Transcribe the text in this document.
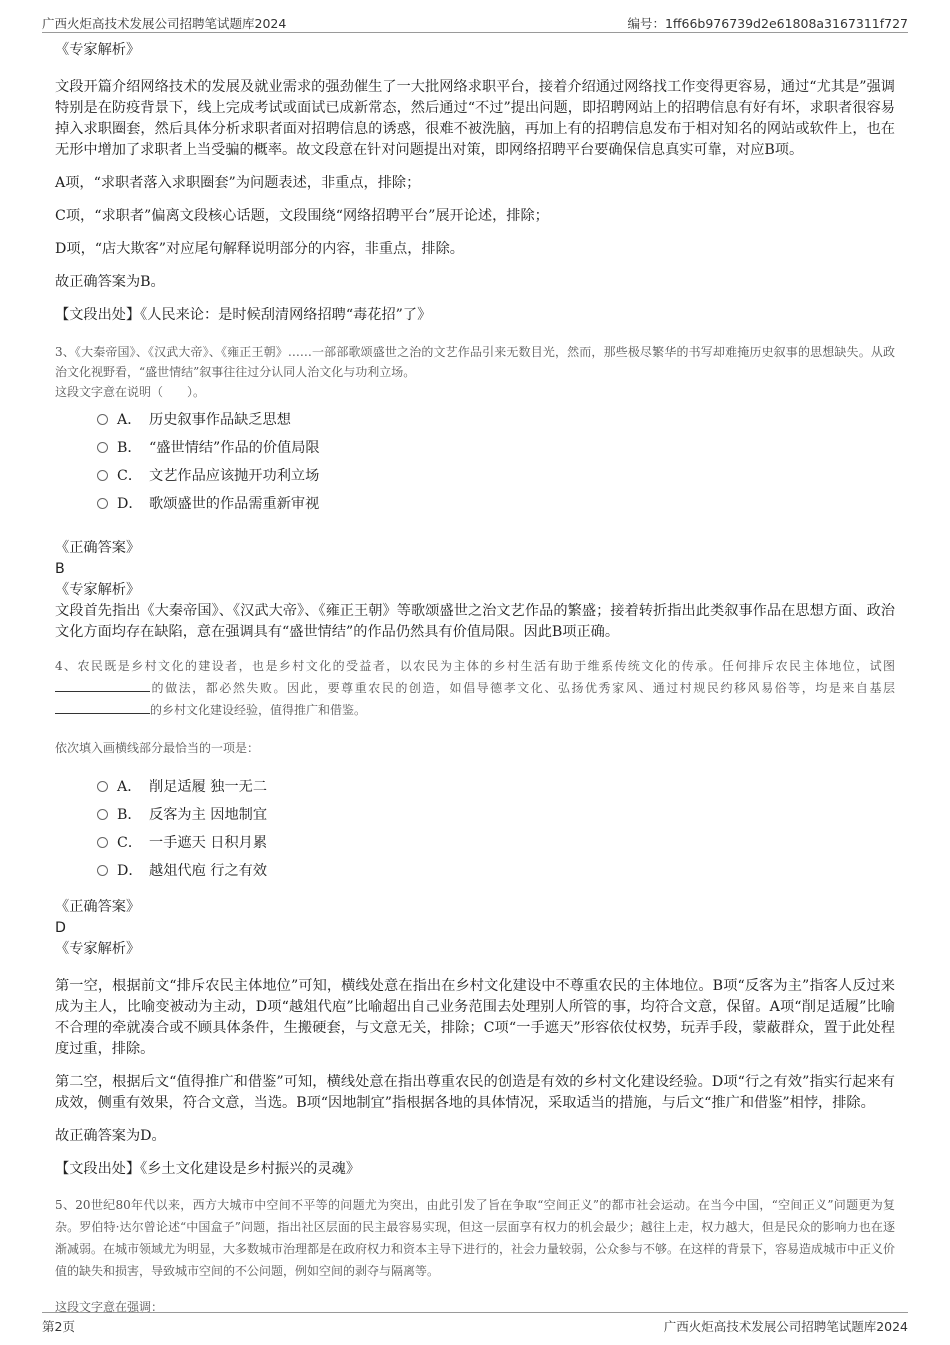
广西火炬高技术发展公司招聘笔试题库2024	编号：1ff66b976739d2e61808a3167311f727

《专家解析》

文段开篇介绍网络技术的发展及就业需求的强劲催生了一大批网络求职平台，接着介绍通过网络找工作变得更容易，通过“尤其是”强调特别是在防疫背景下，线上完成考试或面试已成新常态，然后通过“不过”提出问题，即招聘网站上的招聘信息有好有坏，求职者很容易掉入求职圈套，然后具体分析求职者面对招聘信息的诱惑，很难不被洗脑，再加上有的招聘信息发布于相对知名的网站或软件上，也在无形中增加了求职者上当受骗的概率。故文段意在针对问题提出对策，即网络招聘平台要确保信息真实可靠，对应B项。

A项，“求职者落入求职圈套”为问题表述，非重点，排除；

C项，“求职者”偏离文段核心话题，文段围绕“网络招聘平台”展开论述，排除；

D项，“店大欺客”对应尾句解释说明部分的内容，非重点，排除。

故正确答案为B。

【文段出处】《人民来论：是时候刮清网络招聘“毒花招”了》

3、《大秦帝国》、《汉武大帝》、《雍正王朝》……一部部歌颂盛世之治的文艺作品引来无数目光，然而，那些极尽繁华的书写却难掩历史叙事的思想缺失。从政治文化视野看，“盛世情结”叙事往往过分认同人治文化与功利立场。

这段文字意在说明（　　）。

A． 历史叙事作品缺乏思想
B． “盛世情结”作品的价值局限
C． 文艺作品应该抛开功利立场
D． 歌颂盛世的作品需重新审视

《正确答案》

B

《专家解析》

文段首先指出《大秦帝国》、《汉武大帝》、《雍正王朝》等歌颂盛世之治文艺作品的繁盛；接着转折指出此类叙事作品在思想方面、政治文化方面均存在缺陷，意在强调具有“盛世情结”的作品仍然具有价值局限。因此B项正确。

4、农民既是乡村文化的建设者，也是乡村文化的受益者，以农民为主体的乡村生活有助于维系传统文化的传承。任何排斥农民主体地位，试图的做法，都必然失败。因此，要尊重农民的创造，如倡导德孝文化、弘扬优秀家风、通过村规民约移风易俗等，均是来自基层的乡村文化建设经验，值得推广和借鉴。

依次填入画横线部分最恰当的一项是：

A． 削足适履 独一无二
B． 反客为主 因地制宜
C． 一手遮天 日积月累
D． 越俎代庖 行之有效

《正确答案》

D

《专家解析》

第一空，根据前文“排斥农民主体地位”可知，横线处意在指出在乡村文化建设中不尊重农民的主体地位。B项“反客为主”指客人反过来成为主人，比喻变被动为主动，D项“越俎代庖”比喻超出自己业务范围去处理别人所管的事，均符合文意，保留。A项“削足适履”比喻不合理的牵就凑合或不顾具体条件，生搬硬套，与文意无关，排除；C项“一手遮天”形容依仗权势，玩弄手段，蒙蔽群众，置于此处程度过重，排除。

第二空，根据后文“值得推广和借鉴”可知，横线处意在指出尊重农民的创造是有效的乡村文化建设经验。D项“行之有效”指实行起来有成效，侧重有效果，符合文意，当选。B项“因地制宜”指根据各地的具体情况，采取适当的措施，与后文“推广和借鉴”相悖，排除。

故正确答案为D。

【文段出处】《乡土文化建设是乡村振兴的灵魂》

5、20世纪80年代以来，西方大城市中空间不平等的问题尤为突出，由此引发了旨在争取“空间正义”的都市社会运动。在当今中国，“空间正义”问题更为复杂。罗伯特·达尔曾论述“中国盒子”问题，指出社区层面的民主最容易实现，但这一层面享有权力的机会最少；越往上走，权力越大，但是民众的影响力也在逐渐减弱。在城市领域尤为明显，大多数城市治理都是在政府权力和资本主导下进行的，社会力量较弱，公众参与不够。在这样的背景下，容易造成城市中正义价值的缺失和损害，导致城市空间的不公问题，例如空间的剥夺与隔离等。

这段文字意在强调：

第2页	广西火炬高技术发展公司招聘笔试题库2024
